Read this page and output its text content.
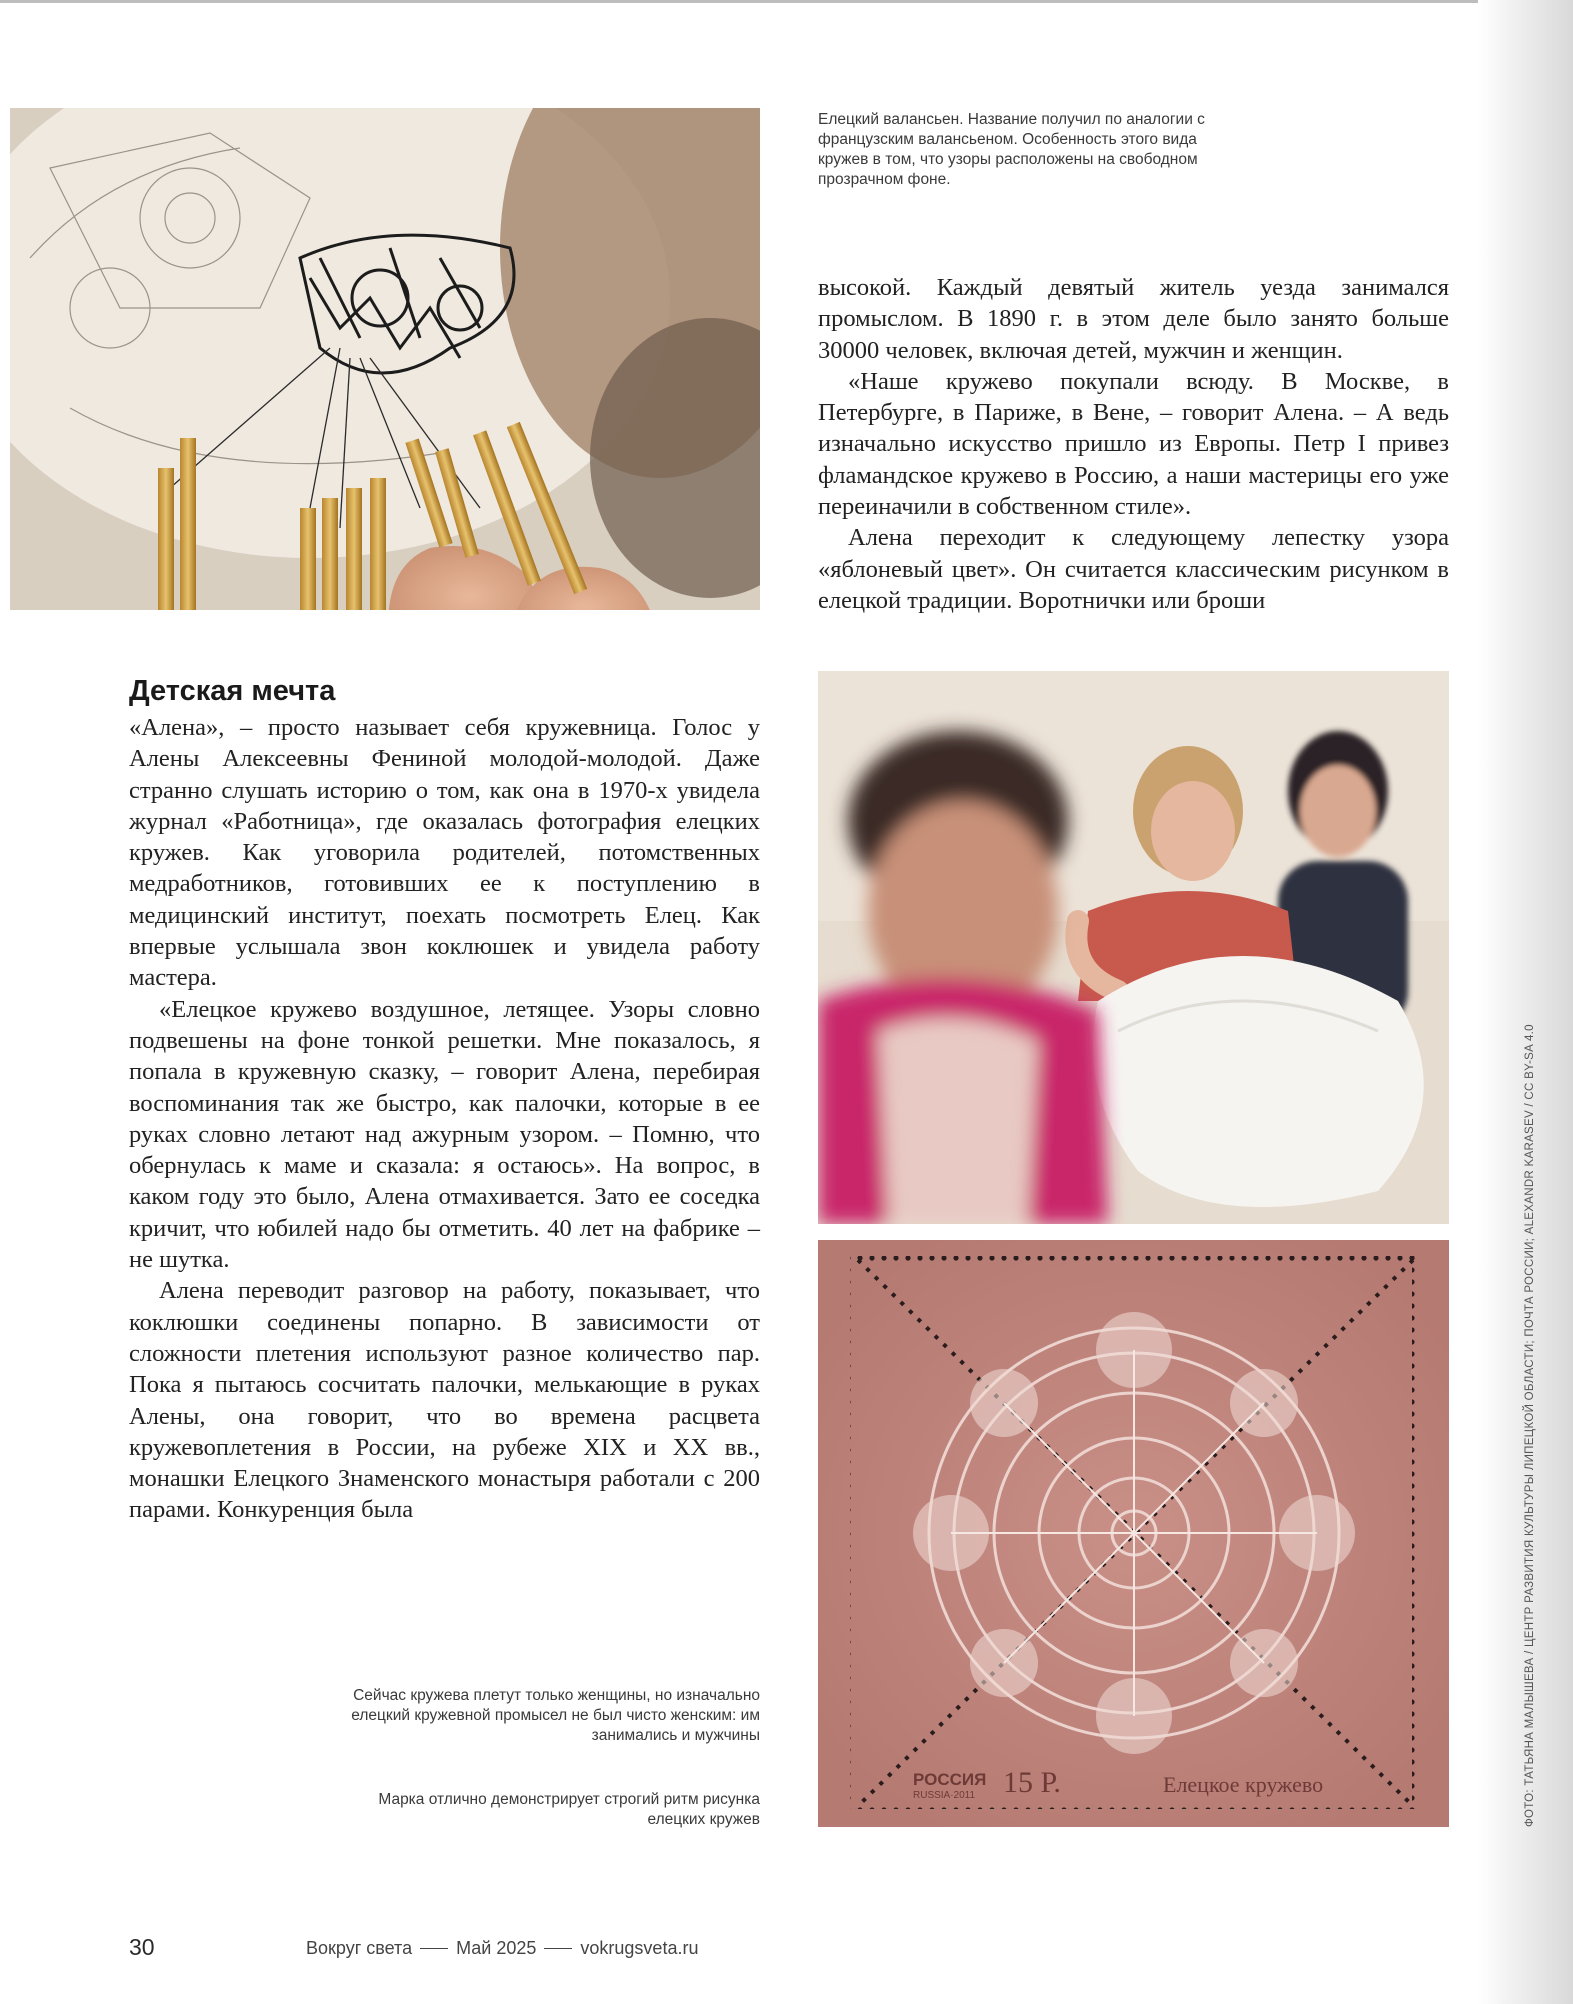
Елецкий валансьен. Название получил по аналогии с французским валансьеном. Особенность этого вида кружев в том, что узоры расположены на свободном прозрачном фоне.

высокой. Каждый девятый житель уезда занимался промыслом. В 1890 г. в этом деле было занято больше 30000 человек, включая детей, мужчин и женщин.

«Наше кружево покупали всюду. В Москве, в Петербурге, в Париже, в Вене, – говорит Алена. – А ведь изначально искусство пришло из Европы. Петр I привез фламандское кружево в Россию, а наши мастерицы его уже переиначили в собственном стиле».

Алена переходит к следующему лепестку узора «яблоневый цвет». Он считается классическим рисунком в елецкой традиции. Воротнички или броши

Детская мечта

«Алена», – просто называет себя кружевница. Голос у Алены Алексеевны Фениной молодой-молодой. Даже странно слушать историю о том, как она в 1970-х увидела журнал «Работница», где оказалась фотография елецких кружев. Как уговорила родителей, потомственных медработников, готовивших ее к поступлению в медицинский институт, поехать посмотреть Елец. Как впервые услышала звон коклюшек и увидела работу мастера.

«Елецкое кружево воздушное, летящее. Узоры словно подвешены на фоне тонкой решетки. Мне показалось, я попала в кружевную сказку, – говорит Алена, перебирая воспоминания так же быстро, как палочки, которые в ее руках словно летают над ажурным узором. – Помню, что обернулась к маме и сказала: я остаюсь». На вопрос, в каком году это было, Алена отмахивается. Зато ее соседка кричит, что юбилей надо бы отметить. 40 лет на фабрике – не шутка.

Алена переводит разговор на работу, показывает, что коклюшки соединены попарно. В зависимости от сложности плетения используют разное количество пар. Пока я пытаюсь сосчитать палочки, мелькающие в руках Алены, она говорит, что во времена расцвета кружевоплетения в России, на рубеже XIX и XX вв., монашки Елецкого Знаменского монастыря работали с 200 парами. Конкуренция была

РОССИЯ
RUSSIA·2011 15 Р.	Елецкое кружево
Сейчас кружева плетут только женщины, но изначально елецкий кружевной промысел не был чисто женским: им занимались и мужчины
Марка отлично демонстрирует строгий ритм рисунка елецких кружев	ФОТО: ТАТЬЯНА МАЛЫШЕВА / ЦЕНТР РАЗВИТИЯ КУЛЬТУРЫ ЛИПЕЦКОЙ ОБЛАСТИ; ПОЧТА РОССИИ; ALEXANDR KARASEV / CC BY-SA 4.0
30	Вокруг света Май 2025 vokrugsveta.ru
